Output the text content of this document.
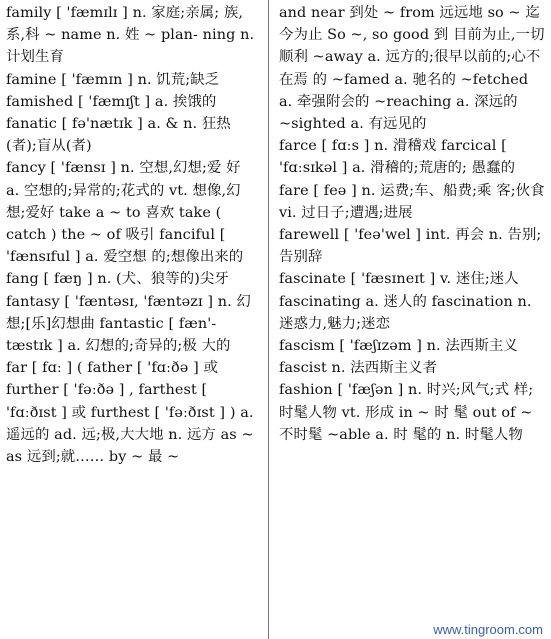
family [ 'fæmɪlɪ ] n. 家庭;亲属; 族,系,科 ~ name n. 姓 ~ plan- ning n. 计划生育
famine [ 'fæmɪn ] n. 饥荒;缺乏
famished [ 'fæmɪʃt ] a. 挨饿的
fanatic [ fə'nætɪk ] a. & n. 狂热 (者);盲从(者)
fancy [ 'fænsɪ ] n. 空想,幻想;爱 好 a. 空想的;异常的;花式的 vt. 想像,幻想;爱好 take a ~ to 喜欢 take ( catch ) the ~ of 吸引 fanciful [ 'fænsɪful ] a. 爱空想 的;想像出来的
fang [ fæŋ ] n. (犬、狼等的)尖牙
fantasy [ 'fæntəsɪ, 'fæntəzɪ ] n. 幻 想;[乐]幻想曲 fantastic [ fæn'- tæstɪk ] a. 幻想的;奇异的;极 大的
far [ fɑː ] ( father [ 'fɑːðə ] 或 further [ 'fəːðə ] , farthest [ 'fɑːðɪst ] 或 furthest [ 'fəːðɪst ] ) a. 遥远的 ad. 远;极,大大地 n. 远方 as ~ as 远到;就…… by ~ 最 ~
and near 到处 ~ from 远远地 so ~ 迄今为止 So ~, so good 到 目前为止,一切顺利 ~away a. 远方的;很早以前的;心不在焉 的 ~famed a. 驰名的 ~fetched a. 牵强附会的 ~reaching a. 深远的 ~sighted a. 有远见的
farce [ fɑːs ] n. 滑稽戏 farcical [ 'fɑːsɪkəl ] a. 滑稽的;荒唐的; 愚蠢的
fare [ feə ] n. 运费;车、船费;乘 客;伙食 vi. 过日子;遭遇;进展
farewell [ 'feə'wel ] int. 再会 n. 告别;告别辞
fascinate [ 'fæsɪneɪt ] v. 迷住;迷人 fascinating a. 迷人的 fascination n. 迷惑力,魅力;迷恋
fascism [ 'fæʃɪzəm ] n. 法西斯主义 fascist n. 法西斯主义者
fashion [ 'fæʃən ] n. 时兴;风气;式 样;时髦人物 vt. 形成 in ~ 时 髦 out of ~ 不时髦 ~able a. 时 髦的 n. 时髦人物
www.tingroom.com
